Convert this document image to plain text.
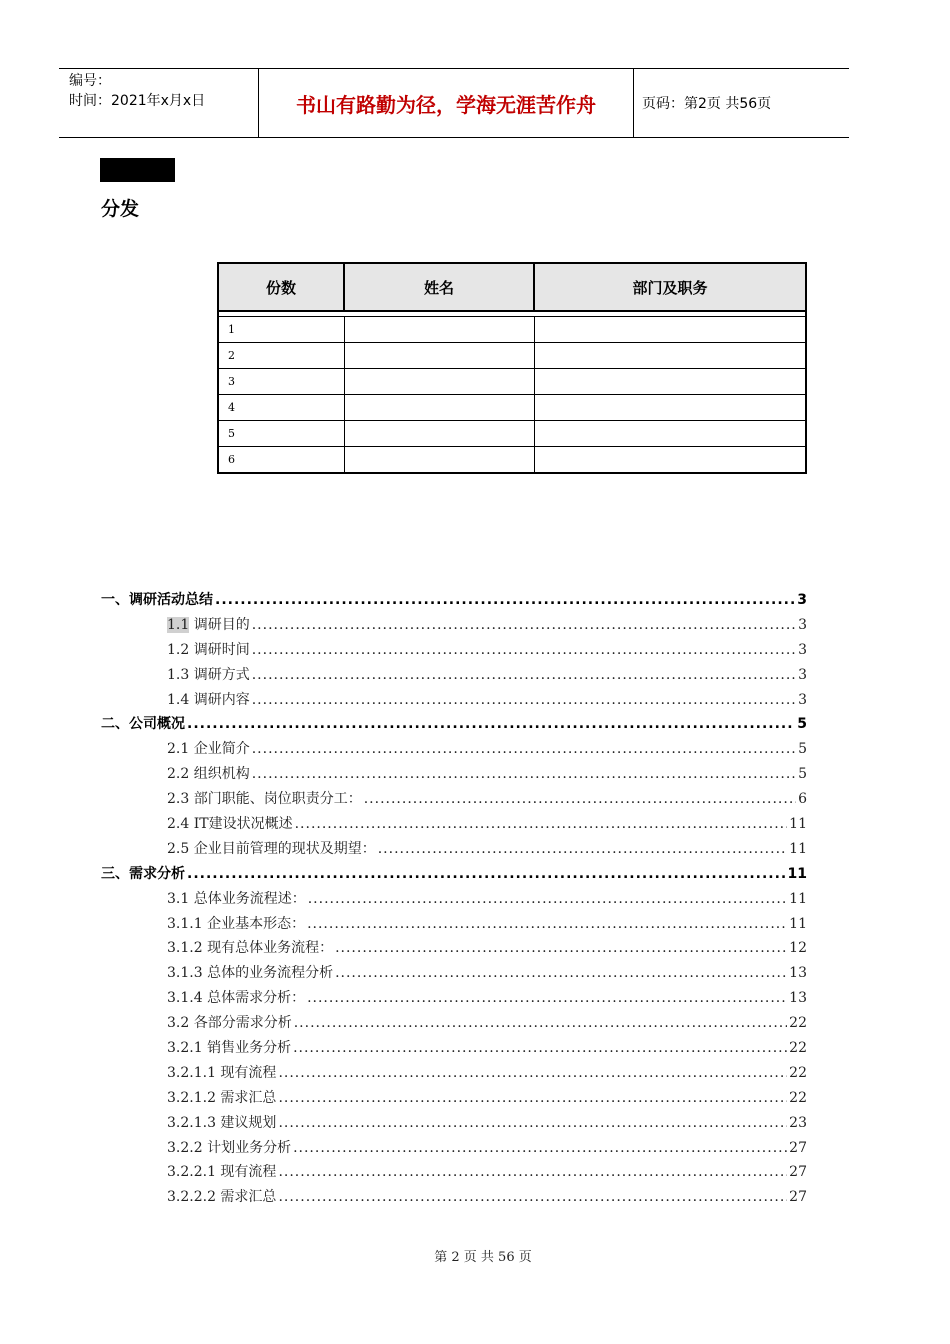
编号：
时间：2021年x月x日	书山有路勤为径，学海无涯苦作舟	页码：第2页 共56页
分发
份数	姓名	部门及职务

1		
2		
3		
4		
5		
6		
一、调研活动总结 .....	3
1.1 调研目的 .....	3
1.2 调研时间 .....	3
1.3 调研方式 .....	3
1.4 调研内容 .....	3
二、公司概况 .....	5
2.1 企业简介 .....	5
2.2 组织机构 .....	5
2.3 部门职能、岗位职责分工： .....	6
2.4 IT建设状况概述 .....	11
2.5 企业目前管理的现状及期望： .....	11
三、需求分析 .....	11
3.1 总体业务流程述： .....	11
3.1.1 企业基本形态： .....	11
3.1.2 现有总体业务流程： .....	12
3.1.3 总体的业务流程分析 .....	13
3.1.4 总体需求分析： .....	13
3.2 各部分需求分析 .....	22
3.2.1 销售业务分析 .....	22
3.2.1.1 现有流程 .....	22
3.2.1.2 需求汇总 .....	22
3.2.1.3 建议规划 .....	23
3.2.2 计划业务分析 .....	27
3.2.2.1 现有流程 .....	27
3.2.2.2 需求汇总 .....	27
第 2 页 共 56 页
